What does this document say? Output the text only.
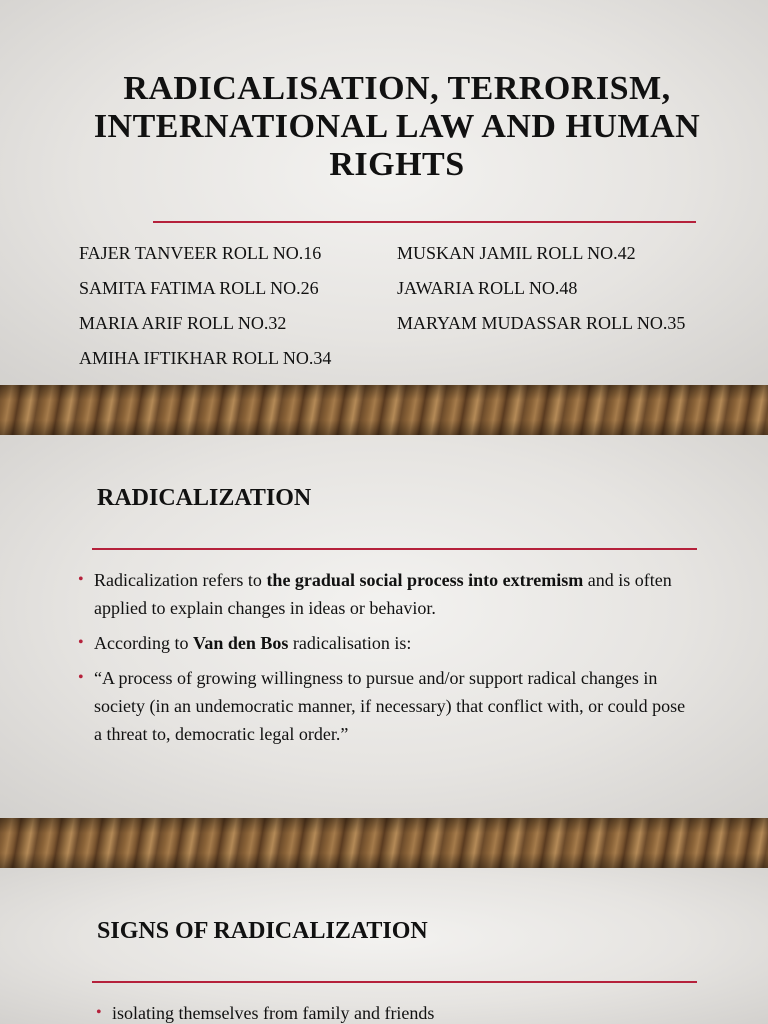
RADICALISATION, TERRORISM,
INTERNATIONAL LAW AND HUMAN
RIGHTS
FAJER TANVEER ROLL NO.16
SAMITA FATIMA ROLL NO.26
MARIA ARIF ROLL NO.32
AMIHA IFTIKHAR ROLL NO.34
MUSKAN JAMIL ROLL NO.42
JAWARIA ROLL NO.48
MARYAM MUDASSAR ROLL NO.35
RADICALIZATION
• Radicalization refers to the gradual social process into extremism and is often applied to explain changes in ideas or behavior.
• According to Van den Bos radicalisation is:
• “A process of growing willingness to pursue and/or support radical changes in society (in an undemocratic manner, if necessary) that conflict with, or could pose a threat to, democratic legal order.”
SIGNS OF RADICALIZATION
• isolating themselves from family and friends
